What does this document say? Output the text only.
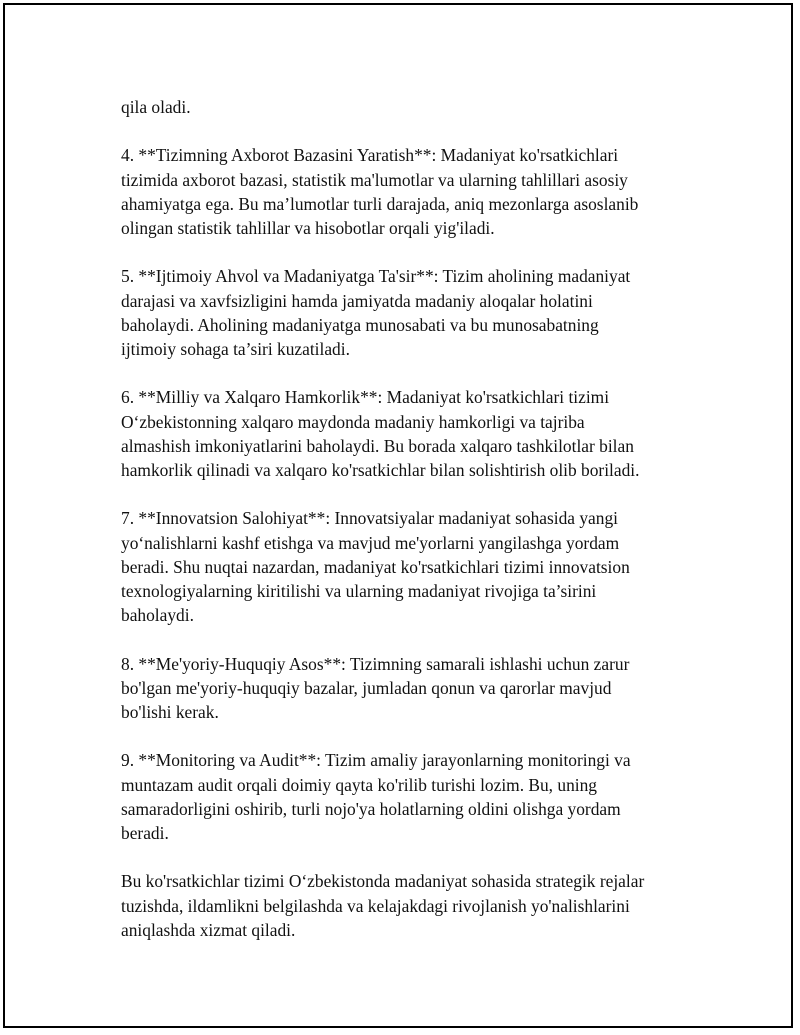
qila oladi.

4. **Tizimning Axborot Bazasini Yaratish**: Madaniyat ko'rsatkichlari
tizimida axborot bazasi, statistik ma'lumotlar va ularning tahlillari asosiy
ahamiyatga ega. Bu ma’lumotlar turli darajada, aniq mezonlarga asoslanib
olingan statistik tahlillar va hisobotlar orqali yig'iladi.

5. **Ijtimoiy Ahvol va Madaniyatga Ta'sir**: Tizim aholining madaniyat
darajasi va xavfsizligini hamda jamiyatda madaniy aloqalar holatini
baholaydi. Aholining madaniyatga munosabati va bu munosabatning
ijtimoiy sohaga ta’siri kuzatiladi.

6. **Milliy va Xalqaro Hamkorlik**: Madaniyat ko'rsatkichlari tizimi
O‘zbekistonning xalqaro maydonda madaniy hamkorligi va tajriba
almashish imkoniyatlarini baholaydi. Bu borada xalqaro tashkilotlar bilan
hamkorlik qilinadi va xalqaro ko'rsatkichlar bilan solishtirish olib boriladi.

7. **Innovatsion Salohiyat**: Innovatsiyalar madaniyat sohasida yangi
yo‘nalishlarni kashf etishga va mavjud me'yorlarni yangilashga yordam
beradi. Shu nuqtai nazardan, madaniyat ko'rsatkichlari tizimi innovatsion
texnologiyalarning kiritilishi va ularning madaniyat rivojiga ta’sirini
baholaydi.

8. **Me'yoriy-Huquqiy Asos**: Tizimning samarali ishlashi uchun zarur
bo'lgan me'yoriy-huquqiy bazalar, jumladan qonun va qarorlar mavjud
bo'lishi kerak.

9. **Monitoring va Audit**: Tizim amaliy jarayonlarning monitoringi va
muntazam audit orqali doimiy qayta ko'rilib turishi lozim. Bu, uning
samaradorligini oshirib, turli nojo'ya holatlarning oldini olishga yordam
beradi.

Bu ko'rsatkichlar tizimi O‘zbekistonda madaniyat sohasida strategik rejalar
tuzishda, ildamlikni belgilashda va kelajakdagi rivojlanish yo'nalishlarini
aniqlashda xizmat qiladi.
